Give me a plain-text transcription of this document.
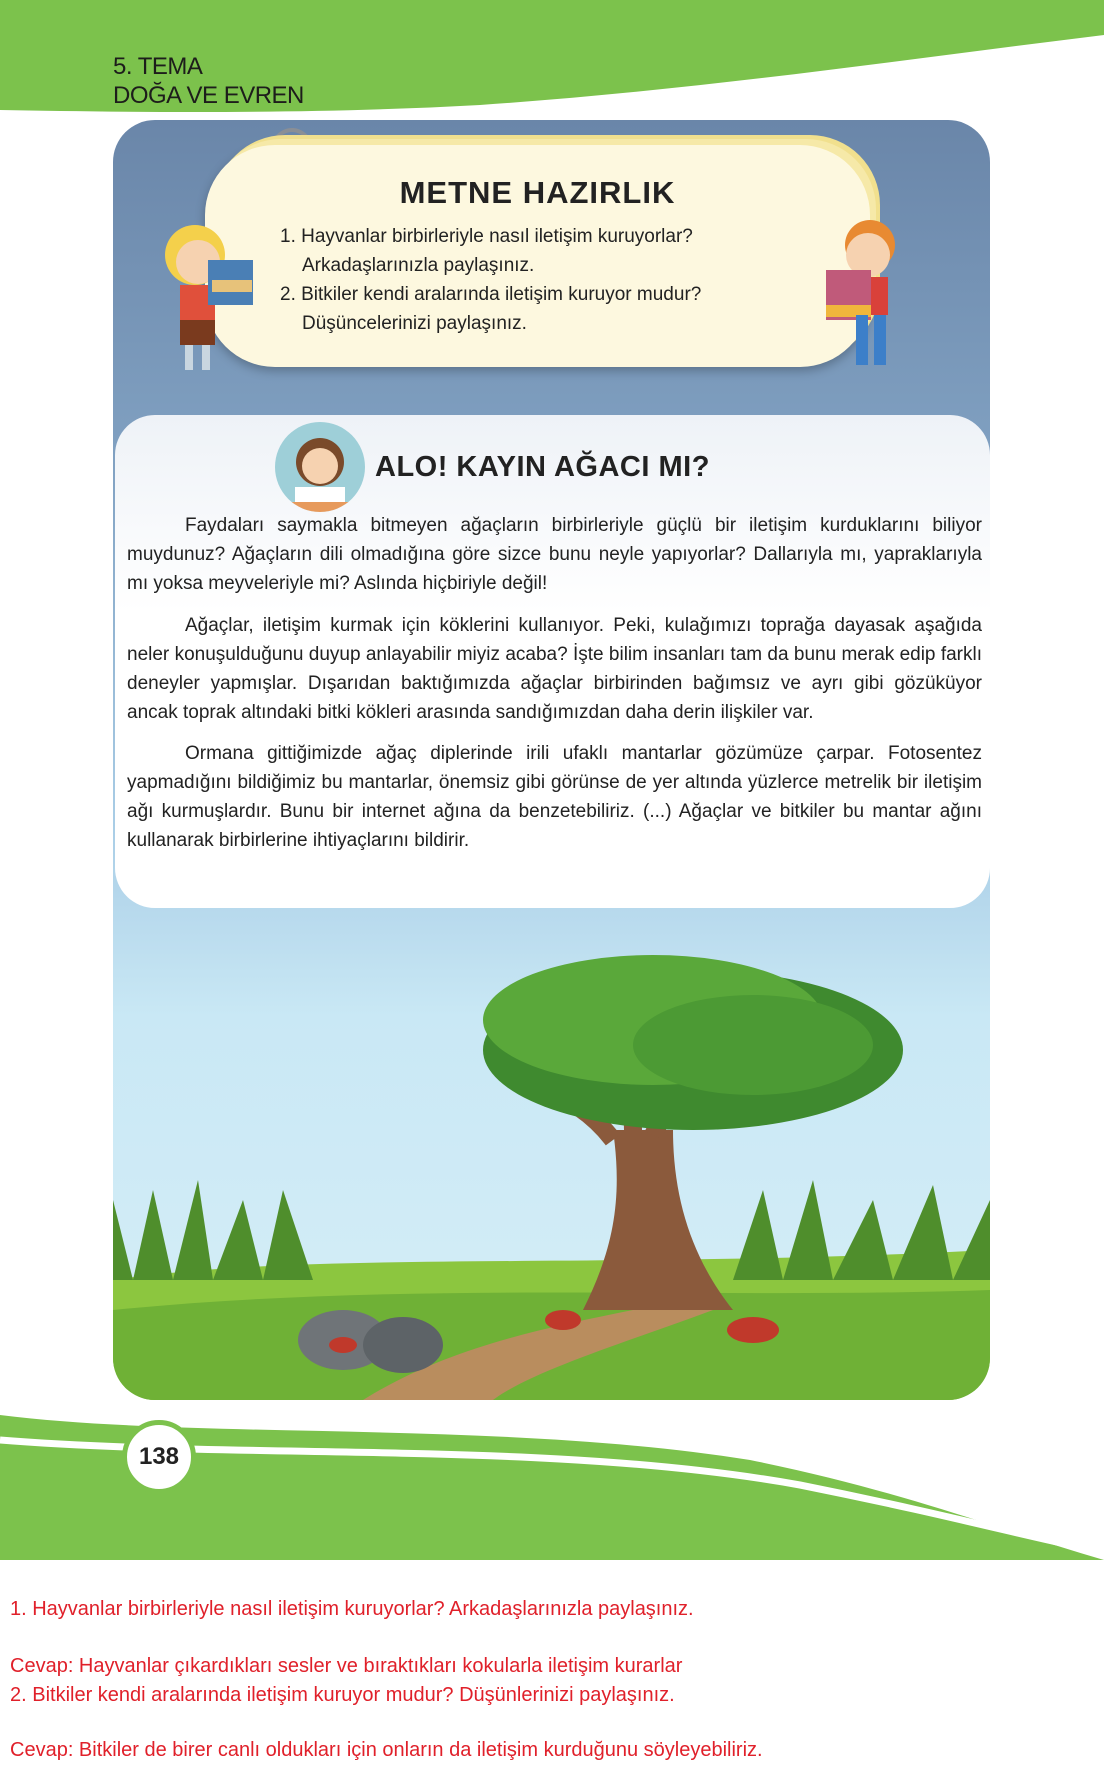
5. TEMA
DOĞA VE EVREN
METNE HAZIRLIK
1. Hayvanlar birbirleriyle nasıl iletişim kuruyorlar? Arkadaşlarınızla paylaşınız.
2. Bitkiler kendi aralarında iletişim kuruyor mudur? Düşüncelerinizi paylaşınız.
ALO! KAYIN AĞACI MI?
Faydaları saymakla bitmeyen ağaçların birbirleriyle güçlü bir iletişim kurduklarını biliyor muydunuz? Ağaçların dili olmadığına göre sizce bunu neyle yapıyorlar? Dallarıyla mı, yapraklarıyla mı yoksa meyveleriyle mi? Aslında hiçbiriyle değil!
Ağaçlar, iletişim kurmak için köklerini kullanıyor. Peki, kulağımızı toprağa dayasak aşağıda neler konuşulduğunu duyup anlayabilir miyiz acaba? İşte bilim insanları tam da bunu merak edip farklı deneyler yapmışlar. Dışarıdan baktığımızda ağaçlar birbirinden bağımsız ve ayrı gibi gözüküyor ancak toprak altındaki bitki kökleri arasında sandığımızdan daha derin ilişkiler var.
Ormana gittiğimizde ağaç diplerinde irili ufaklı mantarlar gözümüze çarpar. Fotosentez yapmadığını bildiğimiz bu mantarlar, önemsiz gibi görünse de yer altında yüzlerce metrelik bir iletişim ağı kurmuşlardır. Bunu bir internet ağına da benzetebiliriz. (...) Ağaçlar ve bitkiler bu mantar ağını kullanarak birbirlerine ihtiyaçlarını bildirir.
138
1. Hayvanlar birbirleriyle nasıl iletişim kuruyorlar? Arkadaşlarınızla paylaşınız.
Cevap: Hayvanlar çıkardıkları sesler ve bıraktıkları kokularla iletişim kurarlar
2. Bitkiler kendi aralarında iletişim kuruyor mudur? Düşünlerinizi paylaşınız.
Cevap: Bitkiler de birer canlı oldukları için onların da iletişim kurduğunu söyleyebiliriz.
